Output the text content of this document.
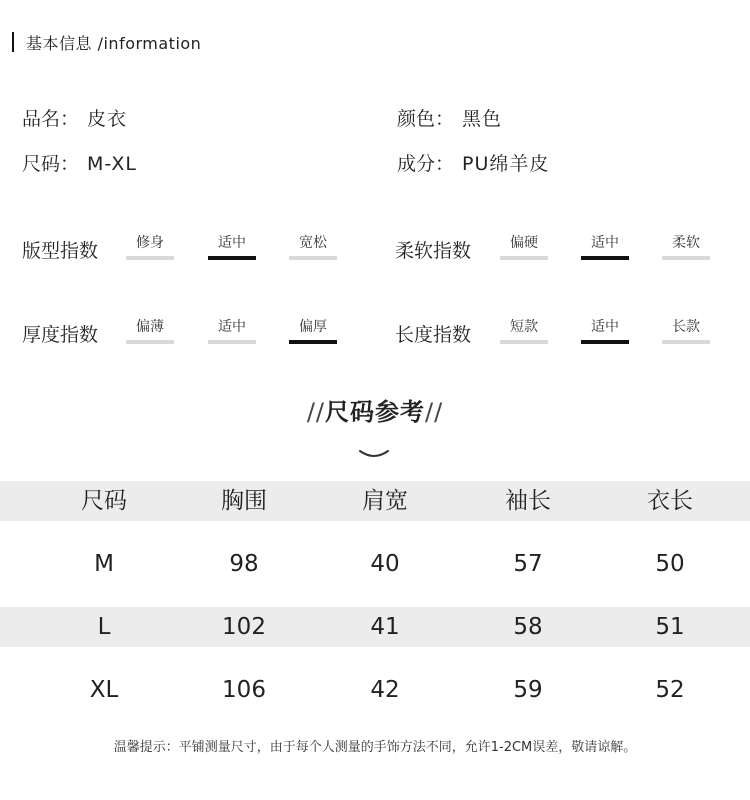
基本信息 /information
品名： 皮衣	颜色： 黑色
尺码： M-XL	成分： PU绵羊皮
版型指数	修身	适中	宽松	柔软指数	偏硬	适中	柔软
厚度指数	偏薄	适中	偏厚	长度指数	短款	适中	长款
//尺码参考//
尺码	胸围	肩宽	袖长	衣长
M	98	40	57	50
L	102	41	58	51
XL	106	42	59	52
温馨提示：平铺测量尺寸，由于每个人测量的手饰方法不同，允许1-2CM误差，敬请谅解。
